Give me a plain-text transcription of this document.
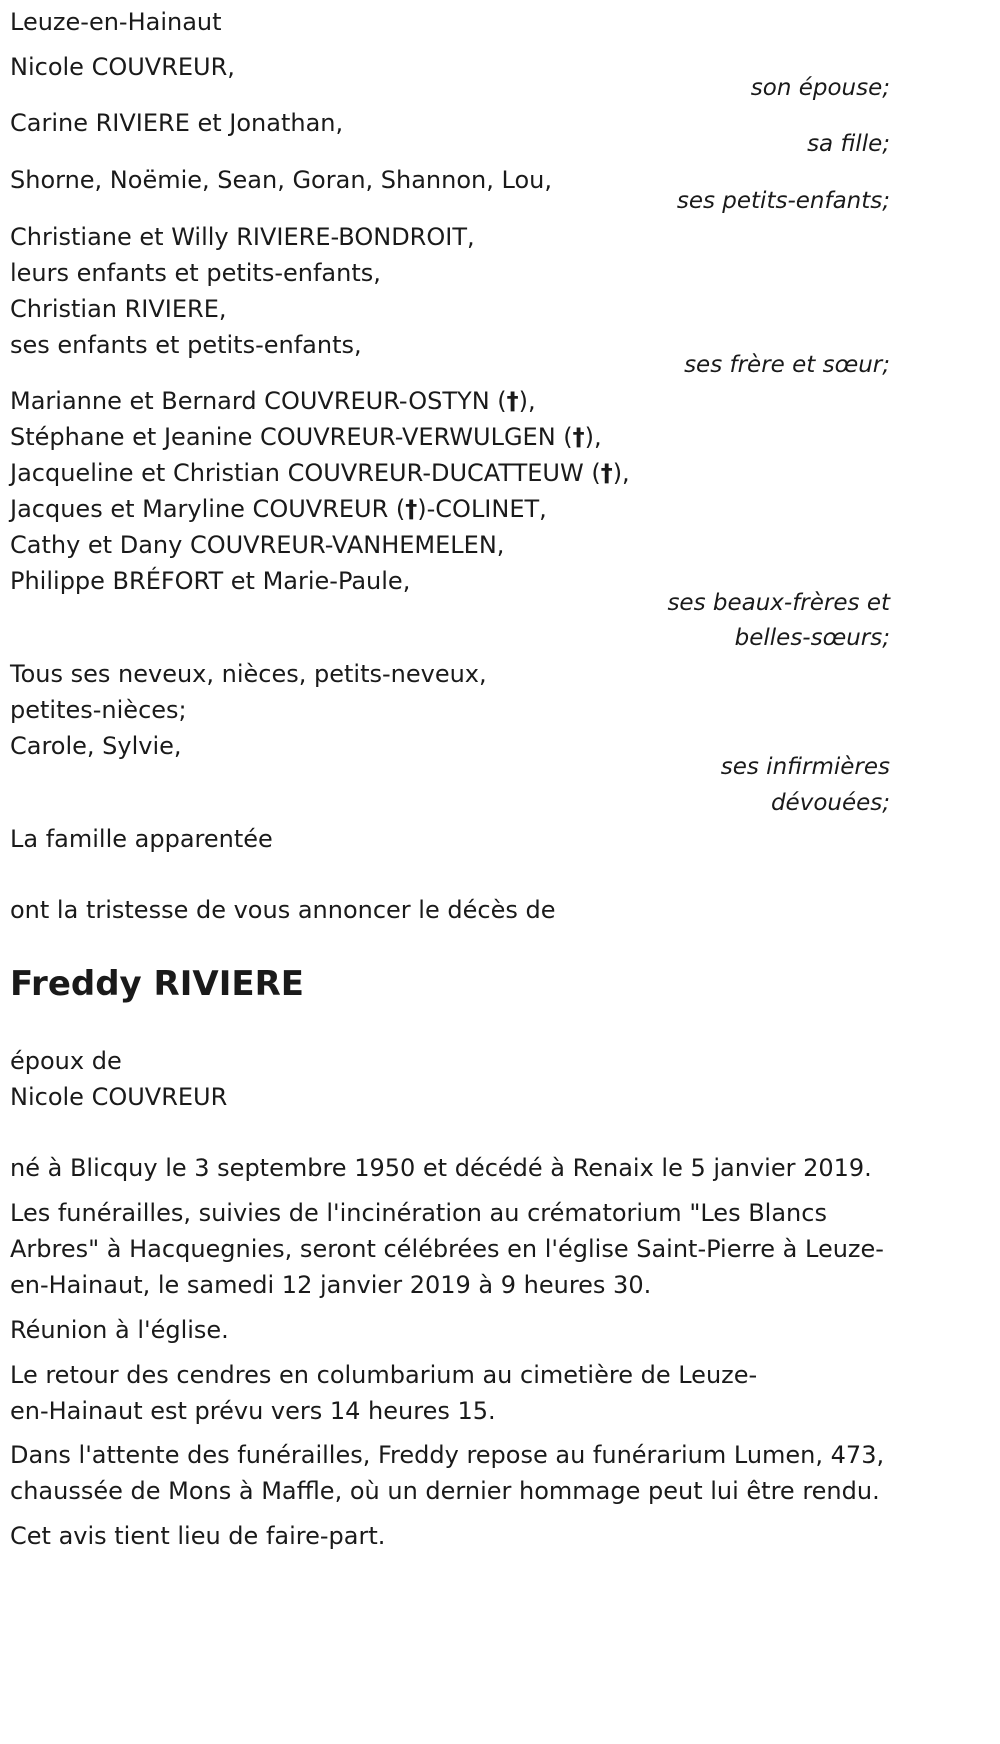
Leuze-en-Hainaut

Nicole COUVREUR,

son épouse;

Carine RIVIERE et Jonathan,

sa fille;

Shorne, Noëmie, Sean, Goran, Shannon, Lou,

ses petits-enfants;

Christiane et Willy RIVIERE-BONDROIT,

leurs enfants et petits-enfants,

Christian RIVIERE,

ses enfants et petits-enfants,

ses frère et sœur;

Marianne et Bernard COUVREUR-OSTYN (†),

Stéphane et Jeanine COUVREUR-VERWULGEN (†),

Jacqueline et Christian COUVREUR-DUCATTEUW (†),

Jacques et Maryline COUVREUR (†)-COLINET,

Cathy et Dany COUVREUR-VANHEMELEN,

Philippe BRÉFORT et Marie-Paule,

ses beaux-frères et

belles-sœurs;

Tous ses neveux, nièces, petits-neveux,

petites-nièces;

Carole, Sylvie,

ses infirmières

dévouées;

La famille apparentée

ont la tristesse de vous annoncer le décès de

Freddy RIVIERE

époux de

Nicole COUVREUR

né à Blicquy le 3 septembre 1950 et décédé à Renaix le 5 janvier 2019.

Les funérailles, suivies de l'incinération au crématorium "Les Blancs

Arbres" à Hacquegnies, seront célébrées en l'église Saint-Pierre à Leuze-

en-Hainaut, le samedi 12 janvier 2019 à 9 heures 30.

Réunion à l'église.

Le retour des cendres en columbarium au cimetière de Leuze-

en-Hainaut est prévu vers 14 heures 15.

Dans l'attente des funérailles, Freddy repose au funérarium Lumen, 473,

chaussée de Mons à Maffle, où un dernier hommage peut lui être rendu.

Cet avis tient lieu de faire-part.
